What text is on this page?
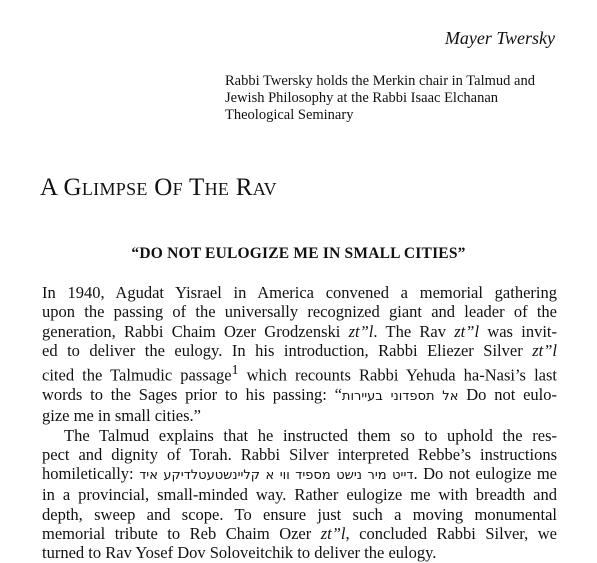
Mayer Twersky
Rabbi Twersky holds the Merkin chair in Talmud and Jewish Philosophy at the Rabbi Isaac Elchanan Theological Seminary
A Glimpse Of The Rav
“DO NOT EULOGIZE ME IN SMALL CITIES”

In 1940, Agudat Yisrael in America convened a memorial gathering

upon the passing of the universally recognized giant and leader of the

generation, Rabbi Chaim Ozer Grodzenski zt”l. The Rav zt”l was invit-

ed to deliver the eulogy. In his introduction, Rabbi Eliezer Silver zt”l

cited the Talmudic passage$^1$ which recounts Rabbi Yehuda ha-Nasi’s last

words to the Sages prior to his passing: “אל תספדוני בעיירות Do not eulo-

gize me in small cities.”

The Talmud explains that he instructed them so to uphold the res-

pect and dignity of Torah. Rabbi Silver interpreted Rebbe’s instructions

homiletically: דייט מיר נישט מספיד ווי א קליינשטעטלדיקע איד. Do not eulogize me

in a provincial, small-minded way. Rather eulogize me with breadth and

depth, sweep and scope. To ensure just such a moving monumental

memorial tribute to Reb Chaim Ozer zt”l, concluded Rabbi Silver, we

turned to Rav Yosef Dov Soloveitchik to deliver the eulogy.
